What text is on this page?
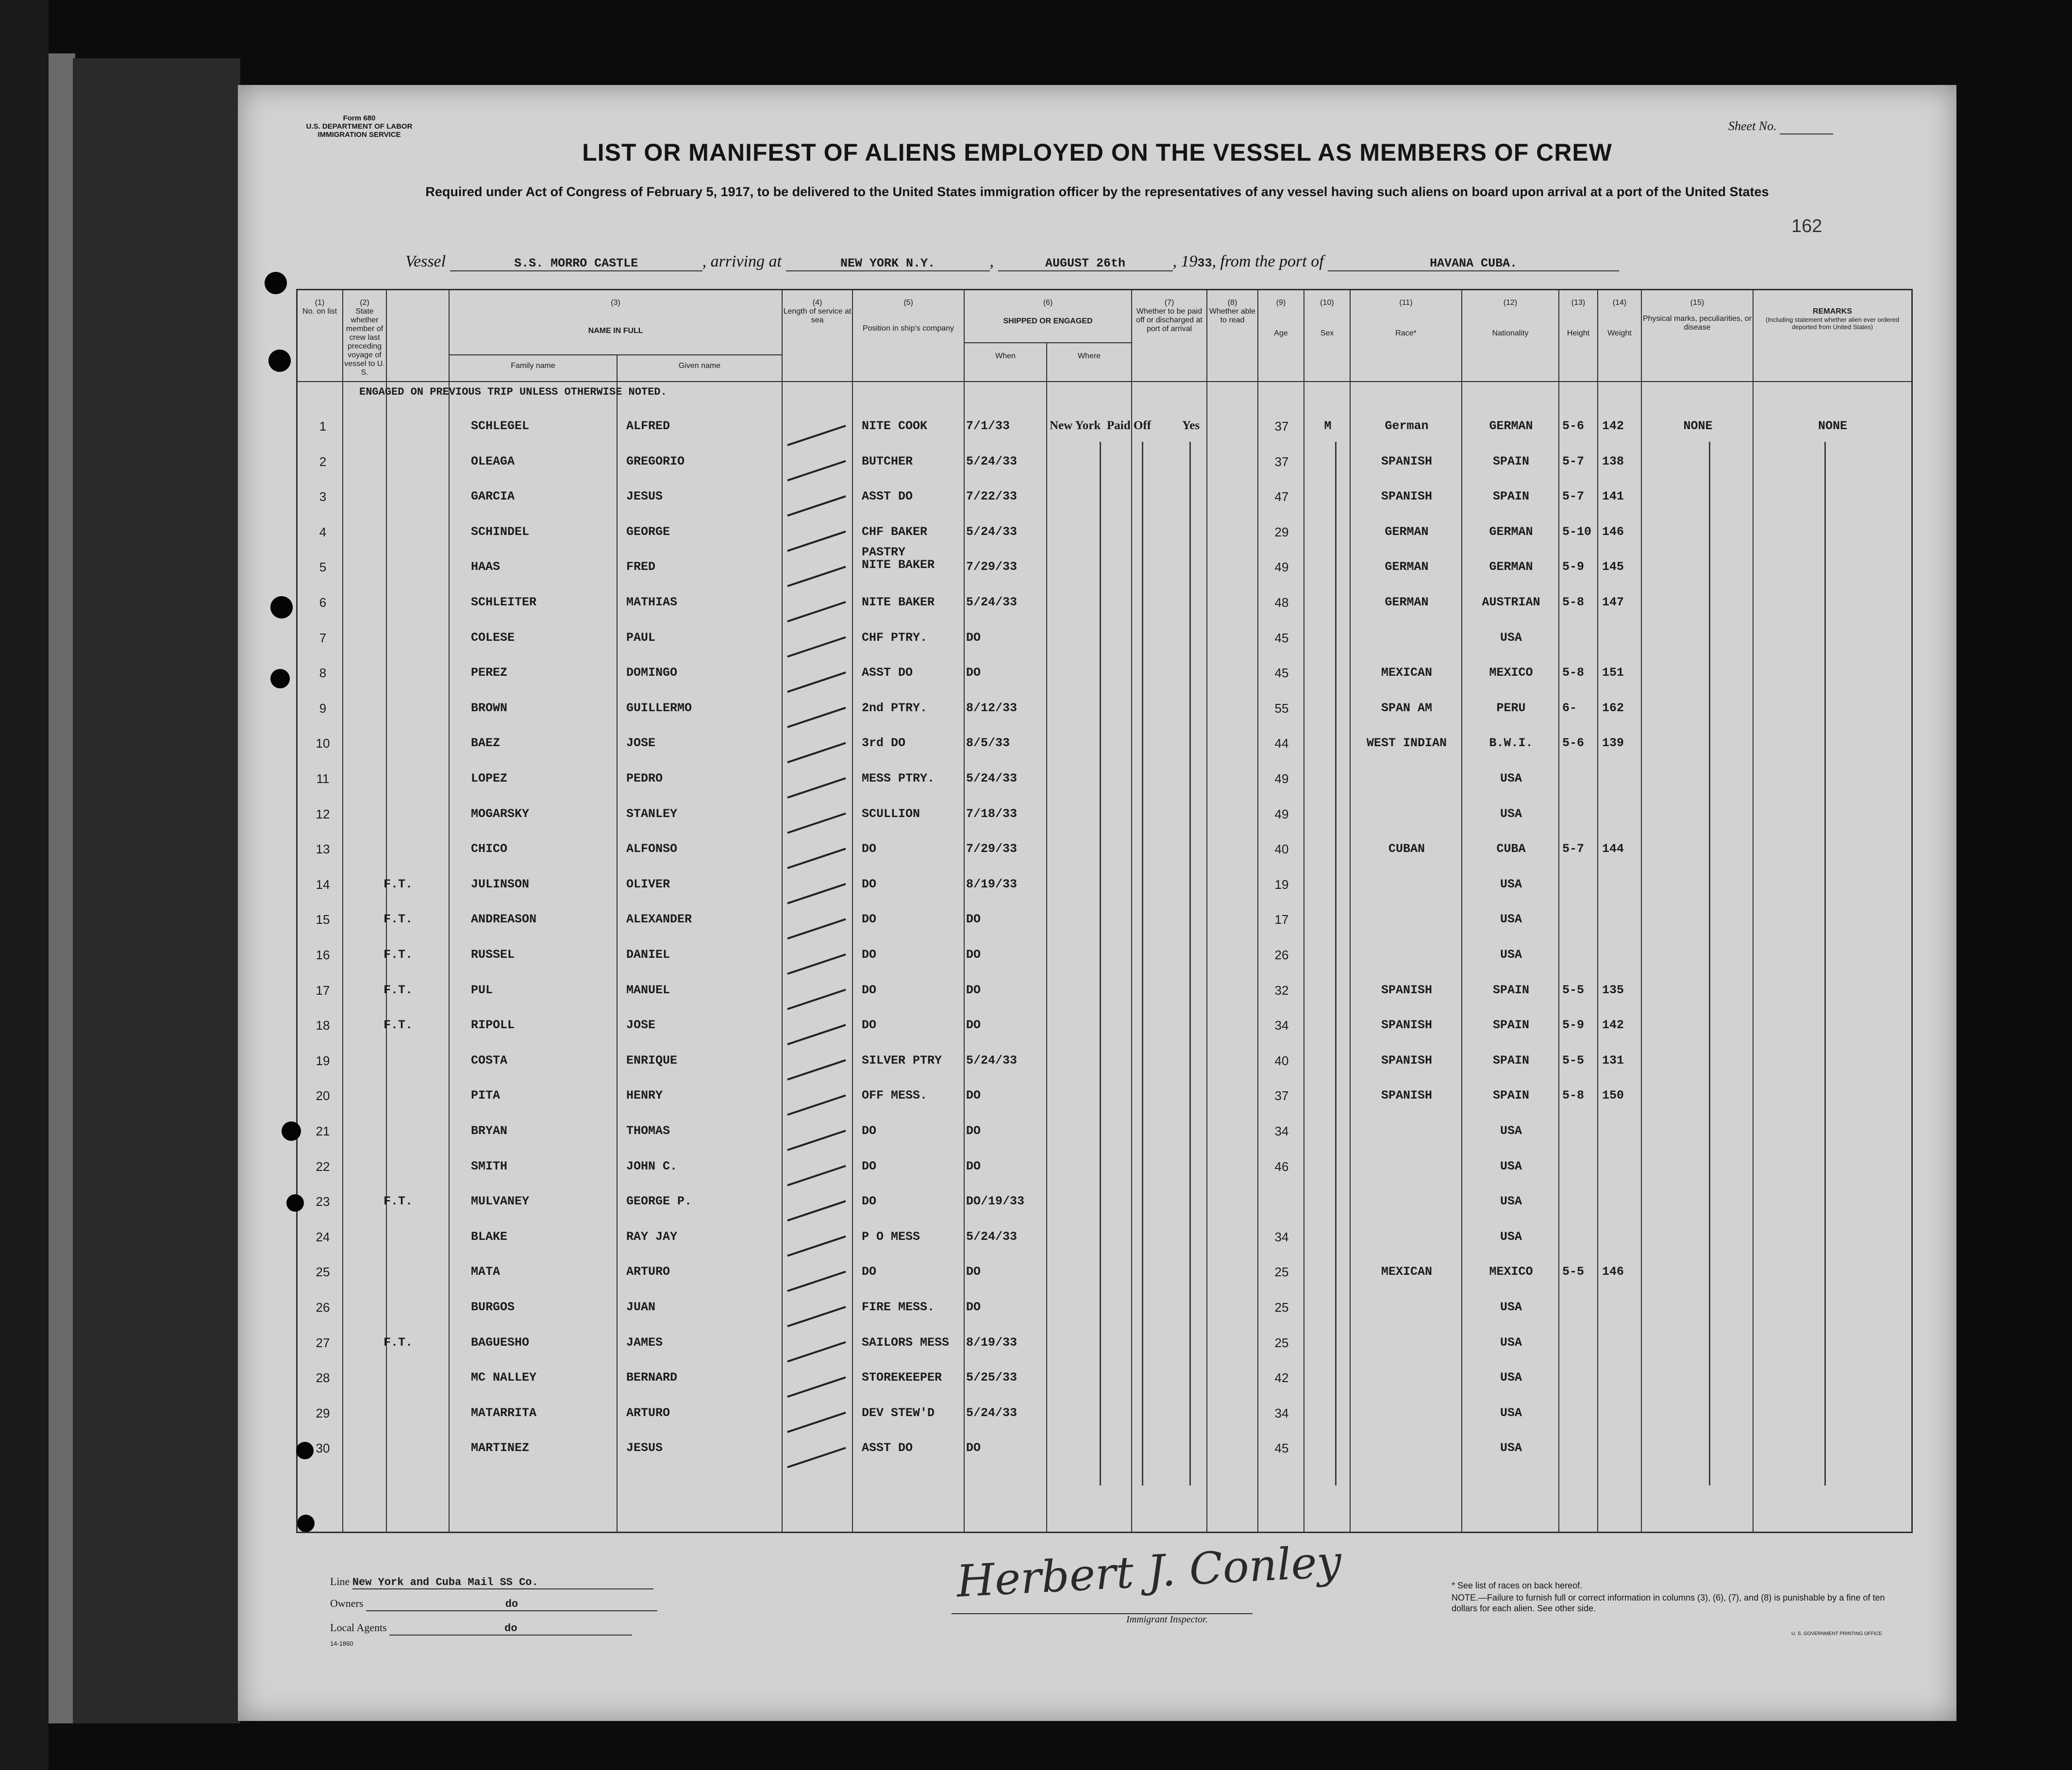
Form 680
U.S. DEPARTMENT OF LABOR
IMMIGRATION SERVICE
Sheet No.
LIST OR MANIFEST OF ALIENS EMPLOYED ON THE VESSEL AS MEMBERS OF CREW
Required under Act of Congress of February 5, 1917, to be delivered to the United States immigration officer by the representatives of any vessel having such aliens on board upon arrival at a port of the United States
162
Vessel	S.S. MORRO CASTLE	, arriving at	NEW YORK N.Y.	,	AUGUST 26th	, 1933, from the port of	HAVANA CUBA.
(1)
No. on list
(2)
State whether member of crew last preceding voyage of vessel to U. S.
(3)
NAME IN FULL
Family name	Given name
(4)
Length of service at sea
(5)
Position in ship's company
(6)
SHIPPED OR ENGAGED
When	Where
(7)
Whether to be paid off or discharged at port of arrival
(8)
Whether able to read
(9)
Age
(10)
Sex
(11)
Race*
(12)
Nationality
(13)
Height
(14)
Weight
(15)
Physical marks, peculiarities, or disease
REMARKS
(Including statement whether alien ever ordered deported from United States)
ENGAGED ON PREVIOUS TRIP UNLESS OTHERWISE NOTED.
Line New York and Cuba Mail SS Co.
Owners	do
Local Agents	do
14-1860
Herbert J. Conley
Immigrant Inspector.
* See list of races on back hereof.
NOTE.—Failure to furnish full or correct information in columns (3), (6), (7), and (8) is punishable by a fine of ten dollars for each alien. See other side.
U. S. GOVERNMENT PRINTING OFFICE
1	SCHLEGEL	ALFRED	NITE COOK	7/1/33	New York Paid Off	Yes	37	M	German	GERMAN	5-6	142	NONE	NONE
2	OLEAGA	GREGORIO	BUTCHER	5/24/33	37	SPANISH	SPAIN	5-7	138
3	GARCIA	JESUS	ASST DO	7/22/33	47	SPANISH	SPAIN	5-7	141
4	SCHINDEL	GEORGE	CHF BAKER	5/24/33	29	GERMAN	GERMAN	5-10 146
5	HAAS	FRED
PASTRY
NITE BAKER	7/29/33	49	GERMAN	GERMAN	5-9	145
6	SCHLEITER	MATHIAS	NITE BAKER	5/24/33	48	GERMAN	AUSTRIAN	5-8	147
7	COLESE	PAUL	CHF PTRY.	DO	45	USA
8	PEREZ	DOMINGO	ASST DO	DO	45	MEXICAN	MEXICO	5-8	151
9	BROWN	GUILLERMO	2nd PTRY.	8/12/33	55	SPAN AM	PERU	6-	162
10	BAEZ	JOSE	3rd DO	8/5/33	44	WEST INDIAN	B.W.I.	5-6	139
11	LOPEZ	PEDRO	MESS PTRY.	5/24/33	49	USA
12	MOGARSKY	STANLEY	SCULLION	7/18/33	49	USA
13	CHICO	ALFONSO	DO	7/29/33	40	CUBAN	CUBA	5-7	144
14	F.T.	JULINSON	OLIVER	DO	8/19/33	19	USA
15	F.T.	ANDREASON	ALEXANDER	DO	DO	17	USA
16	F.T.	RUSSEL	DANIEL	DO	DO	26	USA
17	F.T.	PUL	MANUEL	DO	DO	32	SPANISH	SPAIN	5-5	135
18	F.T.	RIPOLL	JOSE	DO	DO	34	SPANISH	SPAIN	5-9	142
19	COSTA	ENRIQUE	SILVER PTRY	5/24/33	40	SPANISH	SPAIN	5-5	131
20	PITA	HENRY	OFF MESS.	DO	37	SPANISH	SPAIN	5-8	150
21	BRYAN	THOMAS	DO	DO	34	USA
22	SMITH	JOHN C.	DO	DO	46	USA
23	F.T.	MULVANEY	GEORGE P.	DO	DO/19/33	USA
24	BLAKE	RAY JAY	P O MESS	5/24/33	34	USA
25	MATA	ARTURO	DO	DO	25	MEXICAN	MEXICO	5-5	146
26	BURGOS	JUAN	FIRE MESS.	DO	25	USA
27	F.T.	BAGUESHO	JAMES	SAILORS MESS	8/19/33	25	USA
28	MC NALLEY	BERNARD	STOREKEEPER	5/25/33	42	USA
29	MATARRITA	ARTURO	DEV STEW'D	5/24/33	34	USA
30	MARTINEZ	JESUS	ASST DO	DO	45	USA
